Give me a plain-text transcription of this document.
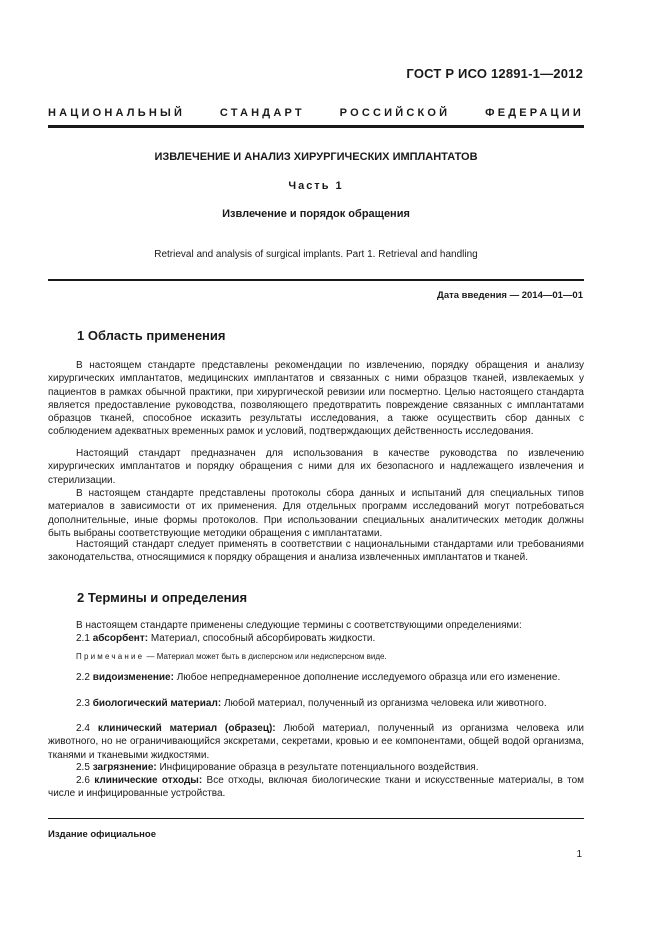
ГОСТ Р ИСО 12891-1—2012
НАЦИОНАЛЬНЫЙ	СТАНДАРТ	РОССИЙСКОЙ	ФЕДЕРАЦИИ
ИЗВЛЕЧЕНИЕ И АНАЛИЗ ХИРУРГИЧЕСКИХ ИМПЛАНТАТОВ
Часть 1
Извлечение и порядок обращения
Retrieval and analysis of surgical implants. Part 1. Retrieval and handling
Дата введения — 2014—01—01
1 Область применения
В настоящем стандарте представлены рекомендации по извлечению, порядку обращения и анализу хирургических имплантатов, медицинских имплантатов и связанных с ними образцов тканей, извлекаемых у пациентов в рамках обычной практики, при хирургической ревизии или посмертно. Целью настоящего стандарта является предоставление руководства, позволяющего предотвратить повреждение связанных с имплантатами образцов тканей, способное исказить результаты исследования, а также осуществить сбор данных с соблюдением адекватных временных рамок и условий, подтверждающих действенность исследования.
Настоящий стандарт предназначен для использования в качестве руководства по извлечению хирургических имплантатов и порядку обращения с ними для их безопасного и надлежащего извлечения и стерилизации.
В настоящем стандарте представлены протоколы сбора данных и испытаний для специальных типов материалов в зависимости от их применения. Для отдельных программ исследований могут потребоваться дополнительные, иные формы протоколов. При использовании специальных аналитических методик должны быть выбраны соответствующие методики обращения с имплантатами.
Настоящий стандарт следует применять в соответствии с национальными стандартами или требованиями законодательства, относящимися к порядку обращения и анализа извлеченных имплантатов и тканей.
2 Термины и определения
В настоящем стандарте применены следующие термины с соответствующими определениями:
2.1 абсорбент: Материал, способный абсорбировать жидкости.
Примечание — Материал может быть в дисперсном или недисперсном виде.
2.2 видоизменение: Любое непреднамеренное дополнение исследуемого образца или его изменение.
2.3 биологический материал: Любой материал, полученный из организма человека или животного.
2.4 клинический материал (образец): Любой материал, полученный из организма человека или животного, но не ограничивающийся экскретами, секретами, кровью и ее компонентами, общей водой организма, тканями и тканевыми жидкостями.
2.5 загрязнение: Инфицирование образца в результате потенциального воздействия.
2.6 клинические отходы: Все отходы, включая биологические ткани и искусственные материалы, в том числе и инфицированные устройства.
Издание официальное
1
